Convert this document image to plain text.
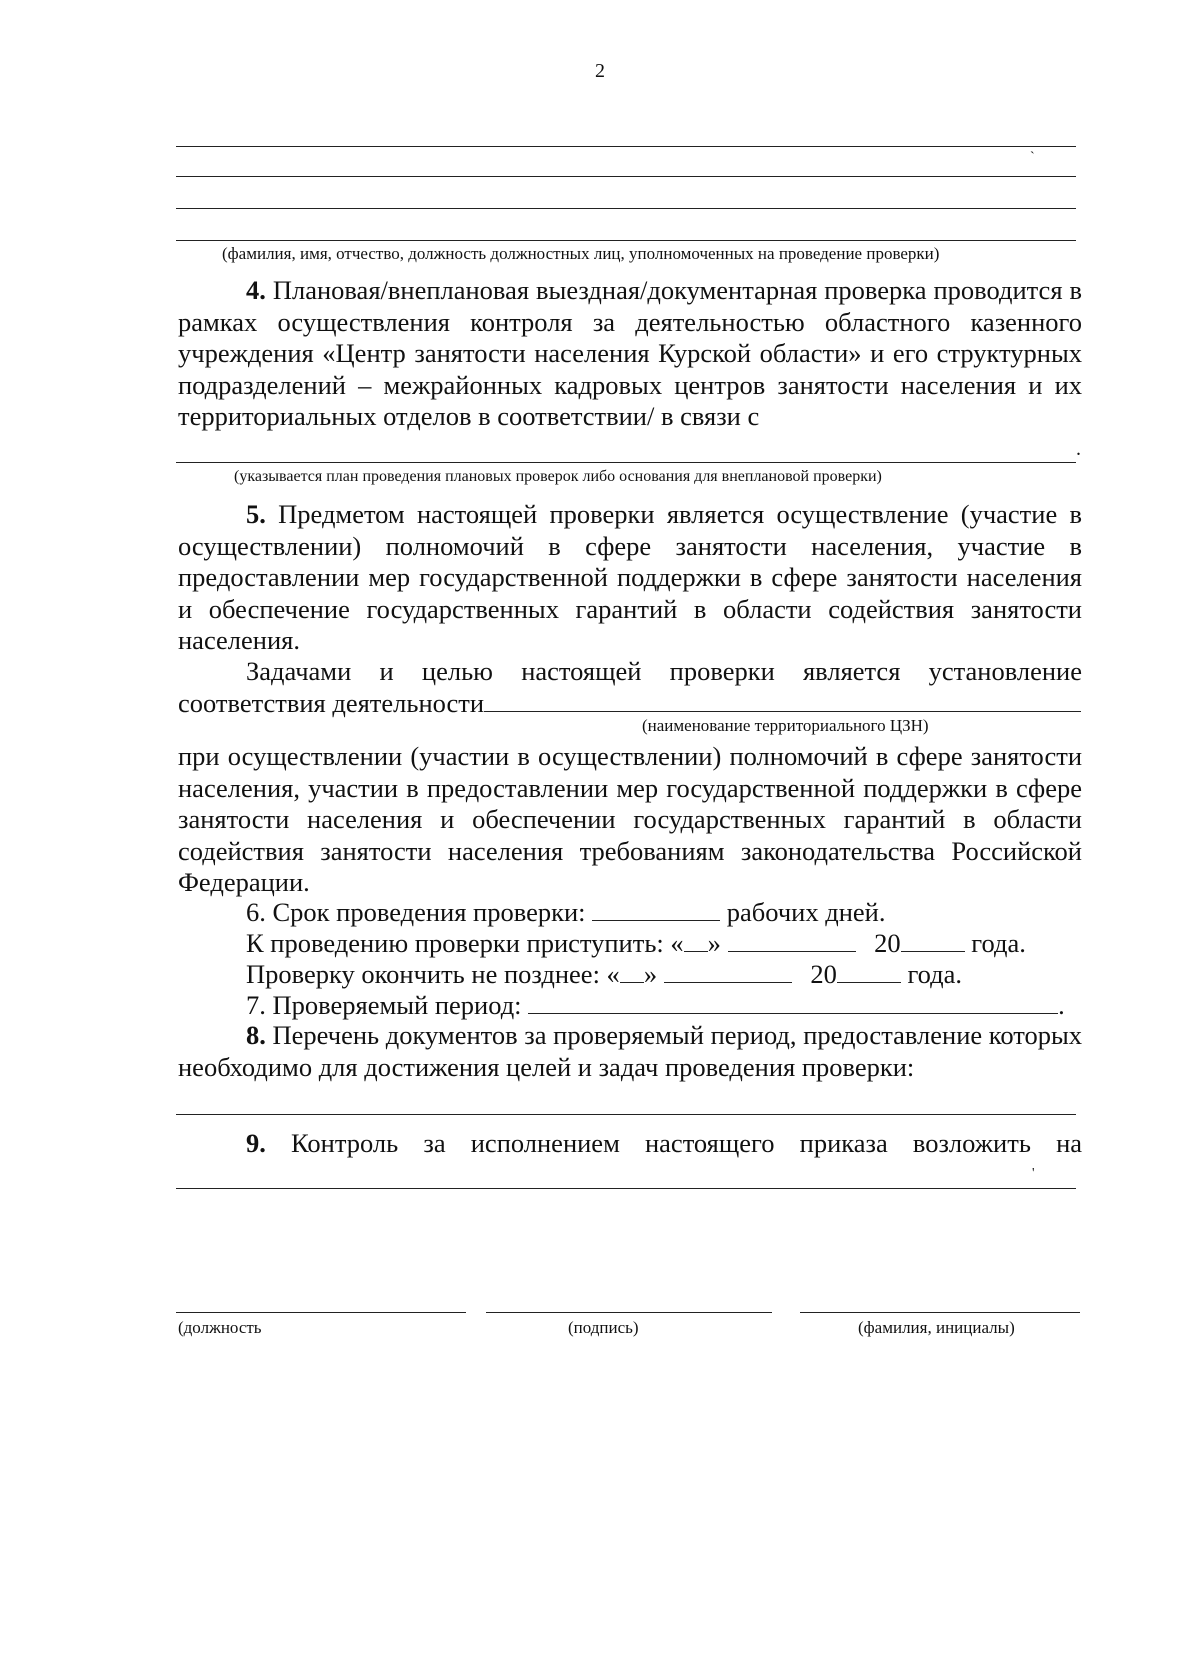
2
`
(фамилия, имя, отчество, должность должностных лиц, уполномоченных на проведение проверки)

4. Плановая/внеплановая выездная/документарная проверка проводится в рамках осуществления контроля за деятельностью областного казенного учреждения «Центр занятости населения Курской области» и его структурных подразделений – межрайонных кадровых центров занятости населения и их территориальных отделов в соответствии/ в связи с

.
(указывается план проведения плановых проверок либо основания для внеплановой проверки)

5. Предметом настоящей проверки является осуществление (участие в осуществлении) полномочий в сфере занятости населения, участие в предоставлении мер государственной поддержки в сфере занятости населения и обеспечение государственных гарантий в области содействия занятости населения.

Задачами и целью настоящей проверки является установление

соответствия деятельности
(наименование территориального ЦЗН)

при осуществлении (участии в осуществлении) полномочий в сфере занятости населения, участии в предоставлении мер государственной поддержки в сфере занятости населения и обеспечении государственных гарантий в области содействия занятости населения требованиям законодательства Российской Федерации.

6. Срок проведения проверки:	рабочих дней.
К проведению проверки приступить: « »	20	года.
Проверку окончить не позднее: « »	20	года.
7. Проверяемый период:	.

8. Перечень документов за проверяемый период, предоставление которых необходимо для достижения целей и задач проведения проверки:

9. Контроль за исполнением настоящего приказа возложить на

'
(должность	(подпись)	(фамилия, инициалы)
